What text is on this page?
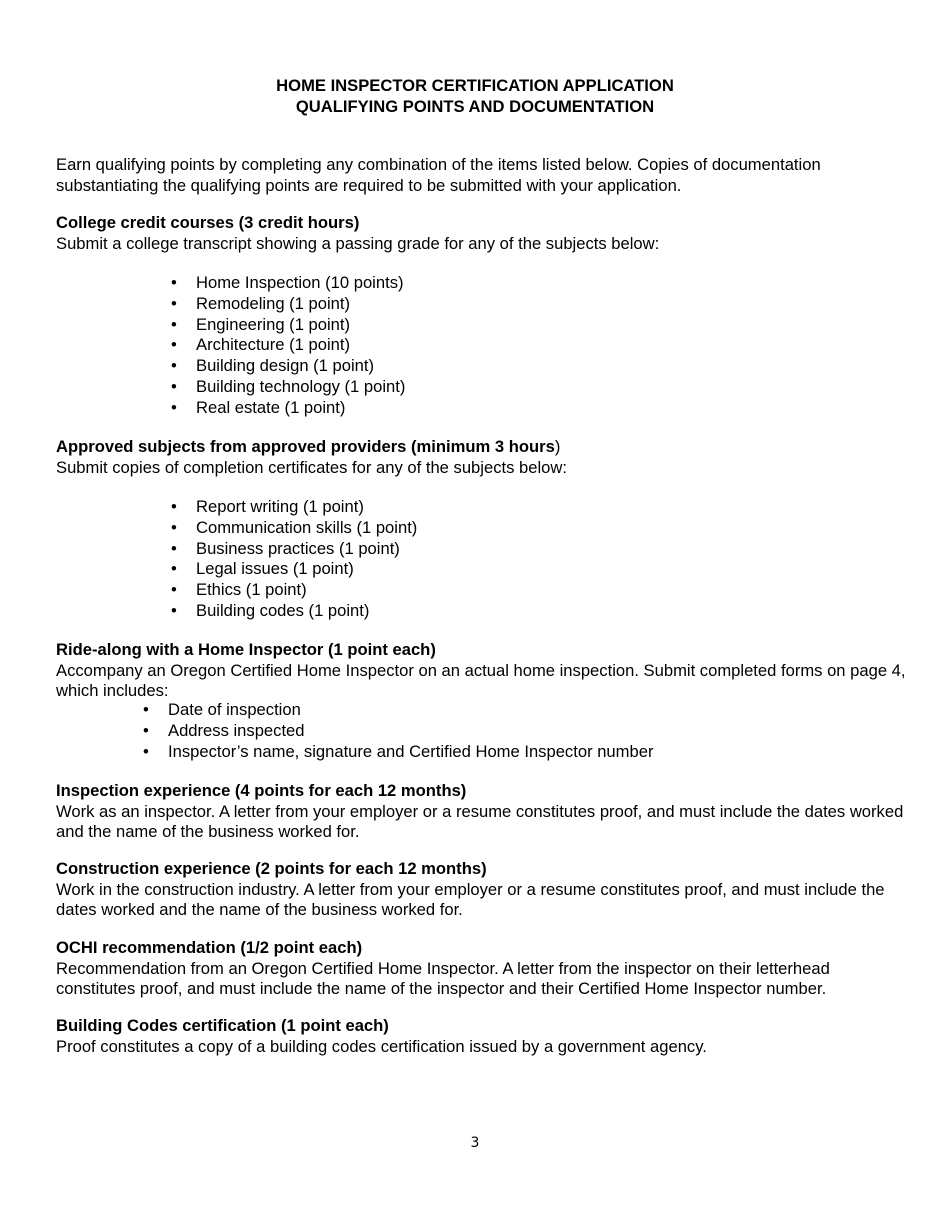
HOME INSPECTOR CERTIFICATION APPLICATION
QUALIFYING POINTS AND DOCUMENTATION
Earn qualifying points by completing any combination of the items listed below. Copies of documentation substantiating the qualifying points are required to be submitted with your application.
College credit courses (3 credit hours)
Submit a college transcript showing a passing grade for any of the subjects below:
• Home Inspection (10 points)
• Remodeling (1 point)
• Engineering (1 point)
• Architecture (1 point)
• Building design (1 point)
• Building technology (1 point)
• Real estate (1 point)
Approved subjects from approved providers (minimum 3 hours)
Submit copies of completion certificates for any of the subjects below:
• Report writing (1 point)
• Communication skills (1 point)
• Business practices (1 point)
• Legal issues (1 point)
• Ethics (1 point)
• Building codes (1 point)
Ride-along with a Home Inspector (1 point each)
Accompany an Oregon Certified Home Inspector on an actual home inspection. Submit completed forms on page 4, which includes:
• Date of inspection
• Address inspected
• Inspector’s name, signature and Certified Home Inspector number
Inspection experience (4 points for each 12 months)
Work as an inspector. A letter from your employer or a resume constitutes proof, and must include the dates worked and the name of the business worked for.
Construction experience (2 points for each 12 months)
Work in the construction industry. A letter from your employer or a resume constitutes proof, and must include the dates worked and the name of the business worked for.
OCHI recommendation (1/2 point each)
Recommendation from an Oregon Certified Home Inspector. A letter from the inspector on their letterhead constitutes proof, and must include the name of the inspector and their Certified Home Inspector number.
Building Codes certification (1 point each)
Proof constitutes a copy of a building codes certification issued by a government agency.
3
